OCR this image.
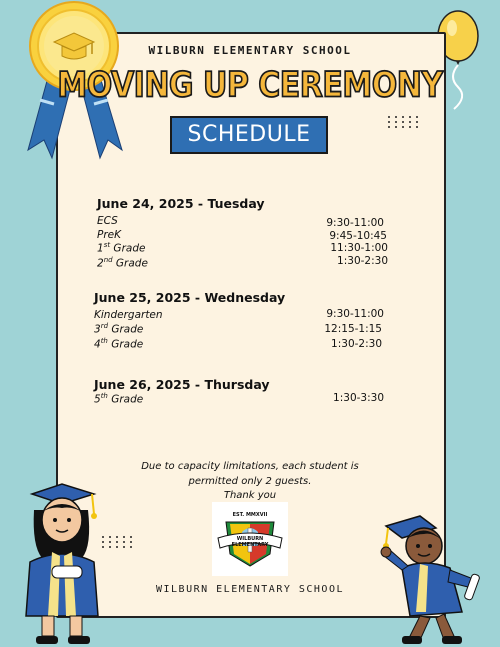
WILBURN ELEMENTARY SCHOOL
MOVING UP CEREMONY
SCHEDULE
June 24, 2025 - Tuesday
ECS	9:30-11:00
PreK	9:45-10:45
1st Grade	11:30-1:00
2nd Grade	1:30-2:30
June 25, 2025 - Wednesday
Kindergarten	9:30-11:00
3rd Grade	12:15-1:15
4th Grade	1:30-2:30
June 26, 2025 - Thursday
5th Grade	1:30-3:30
Due to capacity limitations, each student is
permitted only 2 guests.
Thank you
EST. MMXVII
WILBURN
ELEMENTARY
WILBURN ELEMENTARY SCHOOL
